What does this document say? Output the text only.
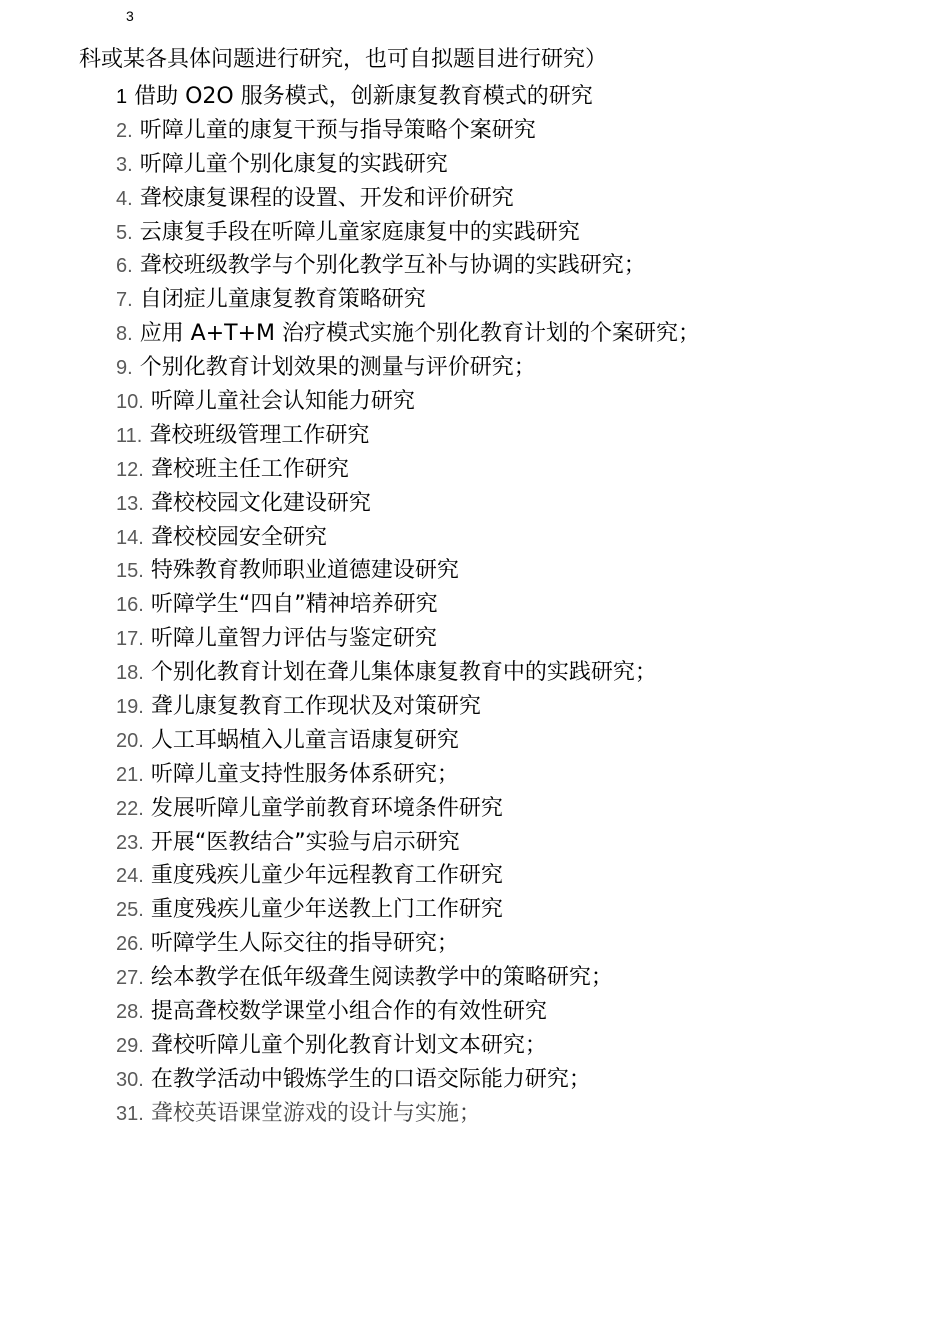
3
科或某各具体问题进行研究，也可自拟题目进行研究）
1 借助 O2O 服务模式，创新康复教育模式的研究
2. 听障儿童的康复干预与指导策略个案研究
3. 听障儿童个别化康复的实践研究
4. 聋校康复课程的设置、开发和评价研究
5. 云康复手段在听障儿童家庭康复中的实践研究
6. 聋校班级教学与个别化教学互补与协调的实践研究；
7. 自闭症儿童康复教育策略研究
8. 应用 A+T+M 治疗模式实施个别化教育计划的个案研究；
9. 个别化教育计划效果的测量与评价研究；
10. 听障儿童社会认知能力研究
11. 聋校班级管理工作研究
12. 聋校班主任工作研究
13. 聋校校园文化建设研究
14. 聋校校园安全研究
15. 特殊教育教师职业道德建设研究
16. 听障学生“四自”精神培养研究
17. 听障儿童智力评估与鉴定研究
18. 个别化教育计划在聋儿集体康复教育中的实践研究；
19. 聋儿康复教育工作现状及对策研究
20. 人工耳蜗植入儿童言语康复研究
21. 听障儿童支持性服务体系研究；
22. 发展听障儿童学前教育环境条件研究
23. 开展“医教结合”实验与启示研究
24. 重度残疾儿童少年远程教育工作研究
25. 重度残疾儿童少年送教上门工作研究
26. 听障学生人际交往的指导研究；
27. 绘本教学在低年级聋生阅读教学中的策略研究；
28. 提高聋校数学课堂小组合作的有效性研究
29. 聋校听障儿童个别化教育计划文本研究；
30. 在教学活动中锻炼学生的口语交际能力研究；
31. 聋校英语课堂游戏的设计与实施；
